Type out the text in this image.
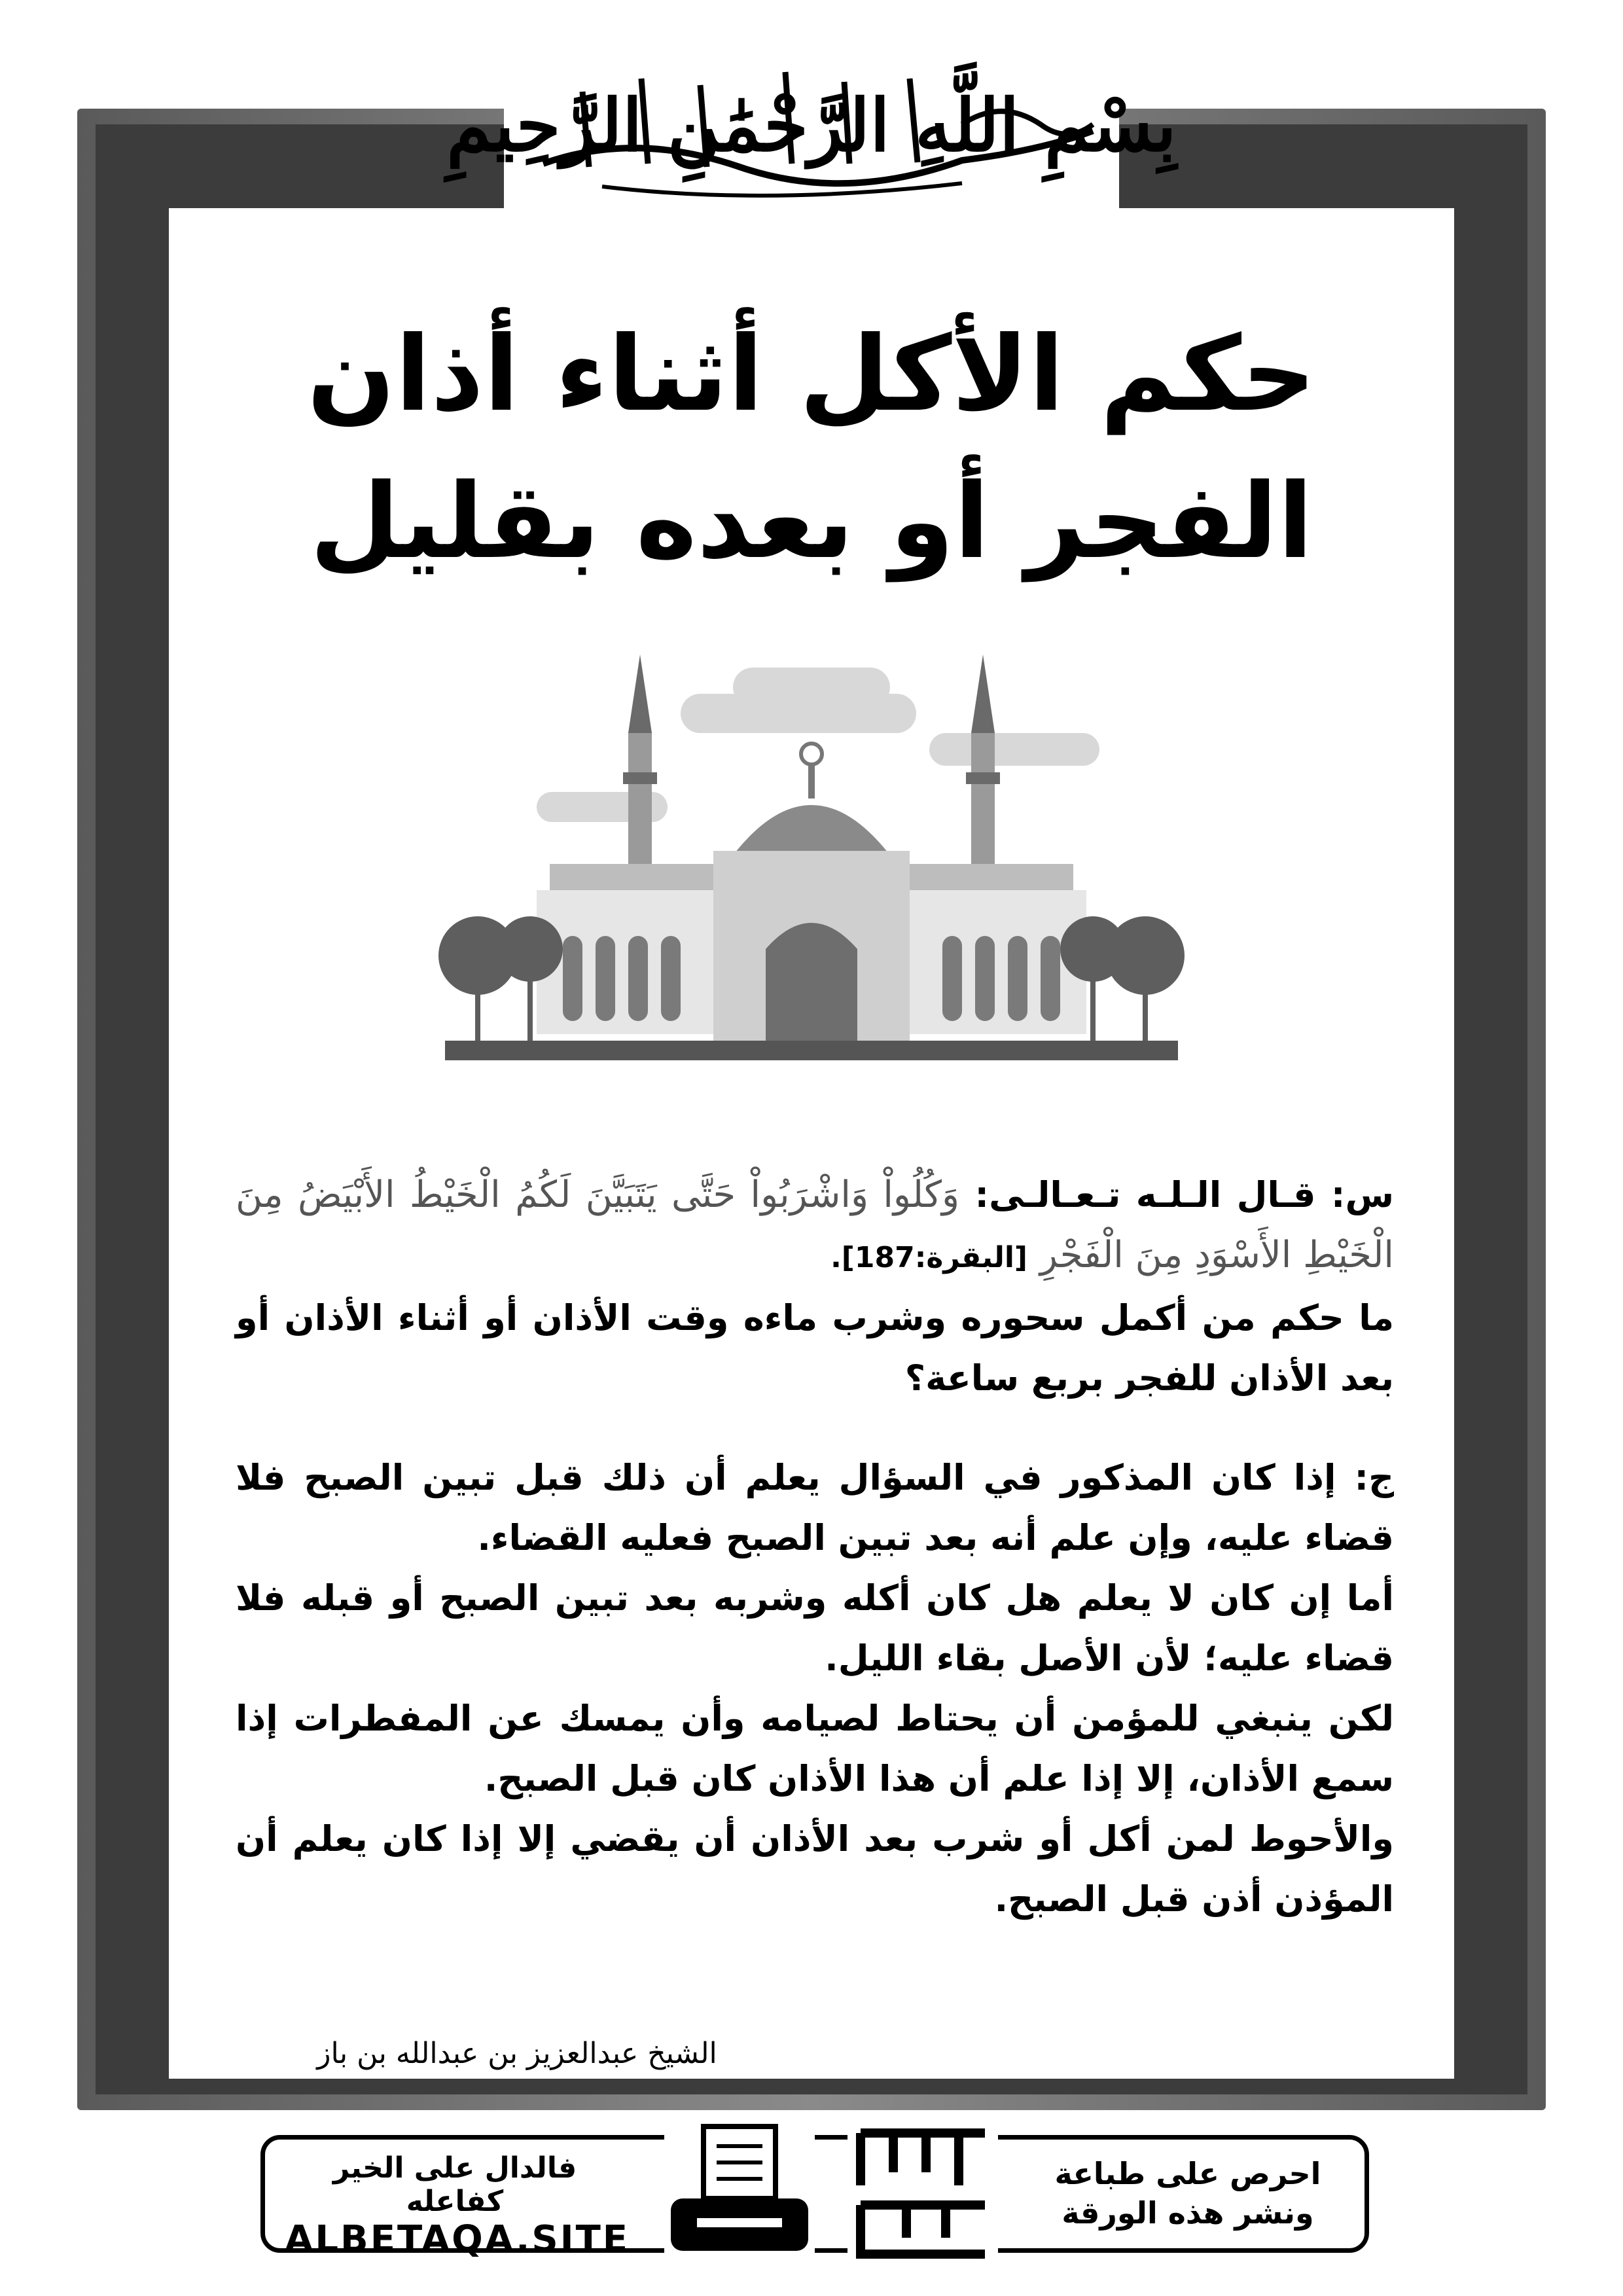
بِسْمِ اللَّهِ الرَّحْمَٰنِ الرَّحِيمِ
حكم الأكل أثناء أذان
الفجر أو بعده بقليل

س: قـال الـلـه تـعـالـى: وَكُلُواْ وَاشْرَبُواْ حَتَّى يَتَبَيَّنَ لَكُمُ الْخَيْطُ الأَبْيَضُ مِنَ الْخَيْطِ الأَسْوَدِ مِنَ الْفَجْرِ [البقرة:187].

ما حكم من أكمل سحوره وشرب ماءه وقت الأذان أو أثناء الأذان أو بعد الأذان للفجر بربع ساعة؟

ج: إذا كان المذكور في السؤال يعلم أن ذلك قبل تبين الصبح فلا قضاء عليه، وإن علم أنه بعد تبين الصبح فعليه القضاء.

أما إن كان لا يعلم هل كان أكله وشربه بعد تبين الصبح أو قبله فلا قضاء عليه؛ لأن الأصل بقاء الليل.

لكن ينبغي للمؤمن أن يحتاط لصيامه وأن يمسك عن المفطرات إذا سمع الأذان، إلا إذا علم أن هذا الأذان كان قبل الصبح.

والأحوط لمن أكل أو شرب بعد الأذان أن يقضي إلا إذا كان يعلم أن المؤذن أذن قبل الصبح.

الشيخ عبدالعزيز بن عبدالله بن باز
فالدال على الخير كفاعله
ALBETAQA.SITE
دعوة الورقة
احرص على طباعة
ونشر هذه الورقة
